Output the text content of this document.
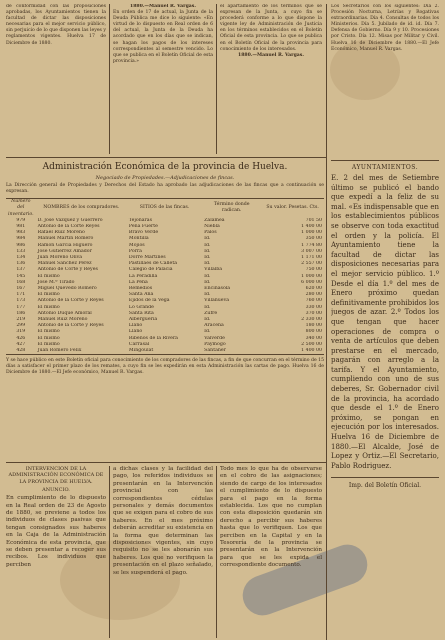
de conformidad con las proposiciones aprobadas, los Ayuntamientos tienen la facultad de dictar las disposiciones necesarias para el mejor servicio público, sin perjuicio de lo que disponen las leyes y reglamentos vigentes. Huelva 17 de Diciembre de 1880.
1880.—Manuel R. Vargas.
En orden de 17 de actual, la Junta de la Deuda Pública me dice lo siguiente: «En virtud de lo dispuesto en Real orden de 6 del actual, la Junta de la Deuda ha acordado que en los días que se indican, se hagan los pagos de los intereses correspondientes al semestre vencido. Lo que se publica en el Boletín Oficial de esta provincia.»
el apartamiento de los términos que se expresan de la Junta, a cuyo fin se procederá conforme a lo que dispone la vigente ley de Administración de Justicia en los términos establecidos en el Boletín Oficial de esta provincia. Lo que se publica en el Boletín Oficial de la provincia para conocimiento de los interesados.
1880.—Manuel R. Vargas.
Los Secretarios con los siguientes: Día 2. Procesión Nocturna, Letrías y Rogativas extraordinarias. Día 4. Consultas de todos los Ministerios. Día 5. Jubilado de id. id. Día 7. Defensa de Gobierno. Día 9 y 10. Procesiones por Cristo. Día 12. Misas por Militar y Civil. Huelva 16 de Diciembre de 1880.—El Jefe Económico, Manuel R. Vargas.
AYUNTAMIENTOS.
E. 2 del mes de Setiembre último se publicó el bando que expedí a la feliz de su mal. «Es indispensable que en los establecimientos públicos se observe con toda exactitud el orden y la policía. El Ayuntamiento tiene la facultad de dictar las disposiciones necesarias para el mejor servicio público. 1.º Desde el día 1.º del mes de Enero próximo quedan definitivamente prohibidos los juegos de azar. 2.º Todos los que tengan que hacer operaciones de compra o venta de artículos que deben prestarse en el mercado, pagarán con arreglo a la tarifa. Y el Ayuntamiento, cumpliendo con uno de sus deberes, Sr. Gobernador civil de la provincia, ha acordado que desde el 1.º de Enero próximo, se pongan en ejecución por los interesados. Huelva 16 de Diciembre de 1880.—El Alcalde, José de Lopez y Ortiz.—El Secretario, Pablo Rodriguez.
Imp. del Boletín Oficial.
Administración Económica de la provincia de Huelva.
Negociado de Propiedades.—Adjudicaciones de fincas.
La Dirección general de Propiedades y Derechos del Estado ha aprobado las adjudicaciones de las fincas que a continuación se expresan.
Número del inventario.	NOMBRES de los compradores.	SITIOS de las fincas.	Término donde radican.	Su valor. Pesetas. Cts.
979	D. José Vazquez y Guerrero	Tejonaras	Zalamea	701 50
981	Antonio de la Corte Reyes	Peña Fuerte	Niebla	1 400 00
983	Rafael Ruiz Moreno	Bravo Verde	Palos	1 000 00
984	Manuel Martín Romero	Montilla	Id.	350 00
986	Ramón García Higuero	Mojios	Id.	1 774 80
133	José Gutierrez Amador	Porra	Id.	3 007 00
134	Juan Moreno Oliva	Dorre Martines	Id.	1 171 00
136	Manuel Sanchez Pérez	Pastillaes de Calleta	Id.	2 557 00
137	Antonio de Corte y Reyes	Calegio de Palacia	Villalba	750 00
145	El mismo	La Peradilla	Id.	1 000 00
168	José M.ª Tirado	La Peña	Id.	6 000 00
167	Miguel Quevedo Romero	Remedios	Encinasola	620 00
171	El mismo	Santa Ana	Id.	280 00
173	Antonio de la Corte y Reyes	Ejidos de la Vega	Villanueva	760 00
177	El mismo	Lo Grande	Id.	330 00
186	Antonio Duque Amoral	Santa Rita	Zufre	370 00
219	Manuel Ruiz Moreno	Albergueria	Id.	2 330 00
299	Antonio de la Corte y Reyes	Llano	Aracena	180 00
319	El mismo	Llano	Id.	800 00
426	El mismo	Ribeños de la Rivera	Valverde	340 00
427	El mismo	Carrasal	Paymogo	2 500 00
428	Juan Romero Felix	Mingoulat	Santaner	1 400 00
Y se hace público en este Boletín oficial para conocimiento de los compradores de las fincas, a fin de que concurran en el término de 15 días a satisfacer el primer plazo de los remates, a cuyo fin se les expedirán en esta Administración las cartas de pago. Huelva 16 de Diciembre de 1880.—El Jefe económico, Manuel R. Vargas.
INTERVENCIÓN DE LA ADMINISTRACIÓN ECONÓMICA DE LA PROVINCIA DE HUELVA.
ANUNCIO.
En cumplimiento de lo dispuesto en la Real orden de 23 de Agosto de 1880, se previene a todos los individuos de clases pasivas que tengan consignados sus haberes en la Caja de la Administración Económica de esta provincia, que se deben presentar a recoger sus recibos. Los individuos que perciben
a dichas clases y la facilidad del pago, los referidos individuos se presentarán en la Intervención provincial con las correspondientes cédulas personales y demás documentos que se exigen para el cobro de sus haberes. En el mes próximo deberán acreditar su existencia en la forma que determinan las disposiciones vigentes, sin cuyo requisito no se les abonarán sus haberes. Los que no verifiquen la presentación en el plazo señalado, se les suspenderá el pago.
Todo mes lo que ha de observarse en el cobro de las asignaciones; siendo de cargo de los interesados el cumplimiento de lo dispuesto para el pago en la forma establecida. Los que no cumplan con esta disposición quedarán sin derecho a percibir sus haberes hasta que lo verifiquen. Los que perciben en la Capital y en la Tesorería de la provincia se presentarán en la Intervención para que se les expida el correspondiente documento.
